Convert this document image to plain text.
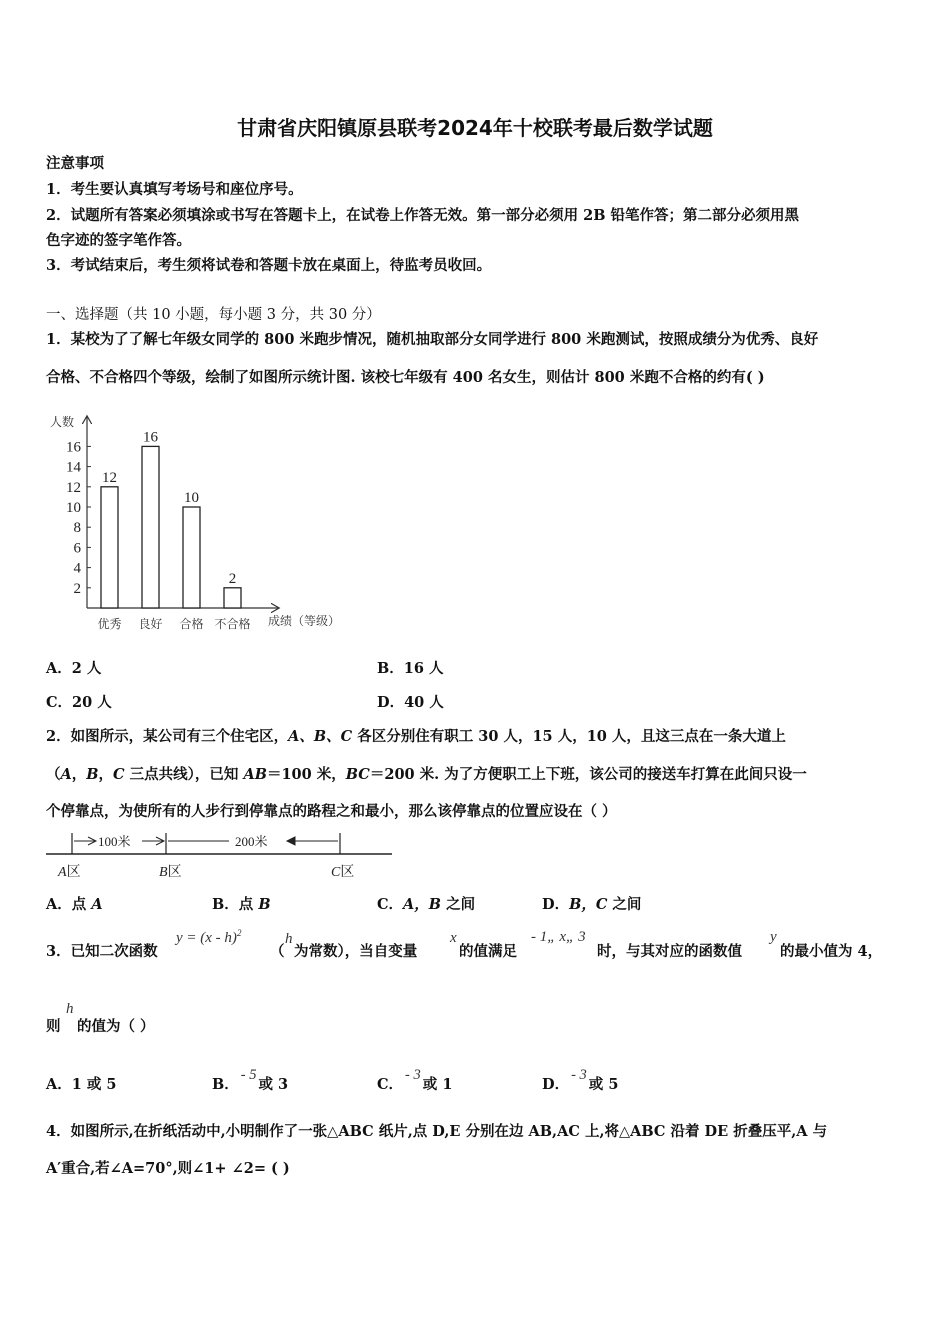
甘肃省庆阳镇原县联考2024年十校联考最后数学试题
注意事项
1．考生要认真填写考场号和座位序号。
2．试题所有答案必须填涂或书写在答题卡上，在试卷上作答无效。第一部分必须用 2B 铅笔作答；第二部分必须用黑
色字迹的签字笔作答。
3．考试结束后，考生须将试卷和答题卡放在桌面上，待监考员收回。
一、选择题（共 10 小题，每小题 3 分，共 30 分）
1．某校为了了解七年级女同学的 800 米跑步情况，随机抽取部分女同学进行 800 米跑测试，按照成绩分为优秀、良好
合格、不合格四个等级，绘制了如图所示统计图. 该校七年级有 400 名女生，则估计 800 米跑不合格的约有( )
人数
成绩（等级）
2
4
6
8
10
12
14
16
12
优秀
16
良好
10
合格
2
不合格
A．2 人	B．16 人
C．20 人	D．40 人
2．如图所示，某公司有三个住宅区，A、B、C 各区分别住有职工 30 人，15 人，10 人，且这三点在一条大道上
（A，B，C 三点共线），已知 AB＝100 米，BC＝200 米. 为了方便职工上下班，该公司的接送车打算在此间只设一
个停靠点，为使所有的人步行到停靠点的路程之和最小，那么该停靠点的位置应设在（ ）
100米	200米
A区	B区	C区
A．点 A	B．点 B	C．A，B 之间	D．B，C 之间
3．已知二次函数
y = (x - h)$^2$
（
h
为常数），当自变量
x
的值满足
- 1„ x„ 3
时，与其对应的函数值
y
的最小值为 4，
则
h
的值为（ ）
A．1 或 5	B．- 5或 3	C．- 3或 1	D．- 3或 5
4．如图所示,在折纸活动中,小明制作了一张△ABC 纸片,点 D,E 分别在边 AB,AC 上,将△ABC 沿着 DE 折叠压平,A 与
A′重合,若∠A=70°,则∠1+ ∠2= ( )
